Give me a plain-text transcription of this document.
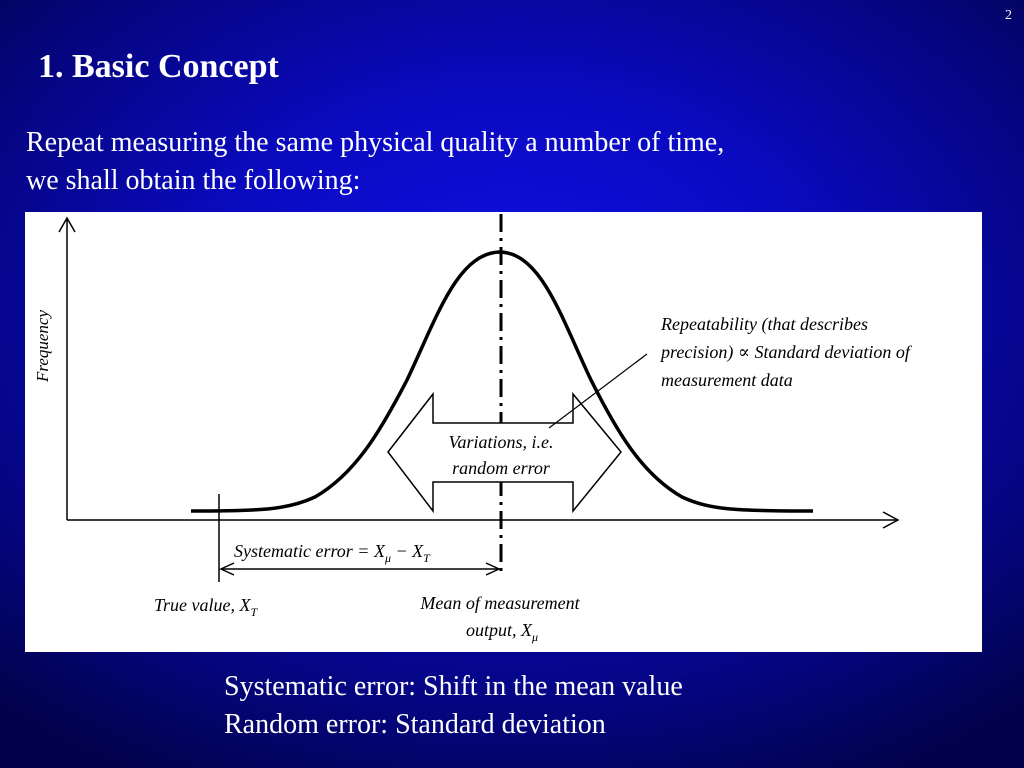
2
1. Basic Concept
Repeat measuring the same physical quality a number of time,
we shall obtain the following:
Frequency
Variations, i.e.
random error
Repeatability (that describes
precision) ∝ Standard deviation of
measurement data
Systematic error = $X_\mu - X_T$
True value, $X_T$	Mean of measurement
output, $X_\mu$
Systematic error: Shift in the mean value
Random error: Standard deviation
